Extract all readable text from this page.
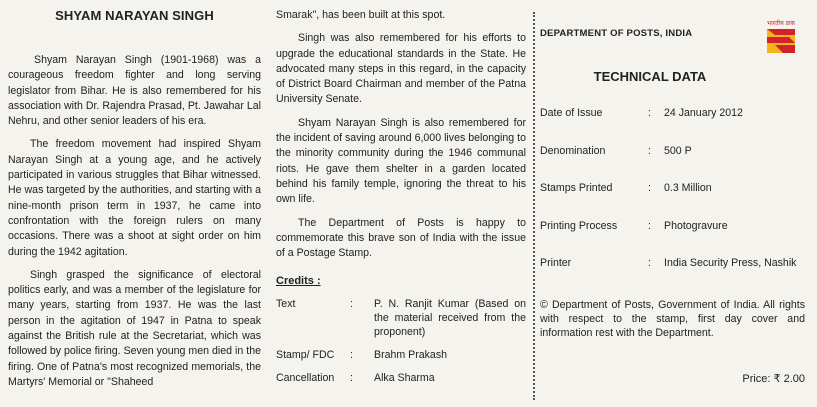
SHYAM NARAYAN SINGH

Shyam Narayan Singh (1901-1968) was a courageous freedom fighter and long serving legislator from Bihar. He is also remembered for his association with Dr. Rajendra Prasad, Pt. Jawahar Lal Nehru, and other senior leaders of his era.

The freedom movement had inspired Shyam Narayan Singh at a young age, and he actively participated in various struggles that Bihar witnessed. He was targeted by the authorities, and starting with a nine-month prison term in 1937, he came into confrontation with the foreign rulers on many occasions. There was a shoot at sight order on him during the 1942 agitation.

Singh grasped the significance of electoral politics early, and was a member of the legislature for many years, starting from 1937. He was the last person in the agitation of 1947 in Patna to speak against the British rule at the Secretariat, which was followed by police firing. Seven young men died in the firing. One of Patna's most recognized memorials, the Martyrs' Memorial or "Shaheed

Smarak", has been built at this spot.

Singh was also remembered for his efforts to upgrade the educational standards in the State. He advocated many steps in this regard, in the capacity of District Board Chairman and member of the Patna University Senate.

Shyam Narayan Singh is also remembered for the incident of saving around 6,000 lives belonging to the minority community during the 1946 communal riots. He gave them shelter in a garden located behind his family temple, ignoring the threat to his own life.

The Department of Posts is happy to commemorate this brave son of India with the issue of a Postage Stamp.

Credits :
Text	:	P. N. Ranjit Kumar (Based on the material received from the proponent)
Stamp/ FDC	:	Brahm Prakash
Cancellation	:	Alka Sharma
DEPARTMENT OF POSTS, INDIA
भारतीय डाक
TECHNICAL DATA
Date of Issue	:	24 January 2012
Denomination	:	500 P
Stamps Printed	:	0.3 Million
Printing Process	:	Photogravure
Printer	:	India Security Press, Nashik
© Department of Posts, Government of India. All rights with respect to the stamp, first day cover and information rest with the Department.
Price: ₹ 2.00
